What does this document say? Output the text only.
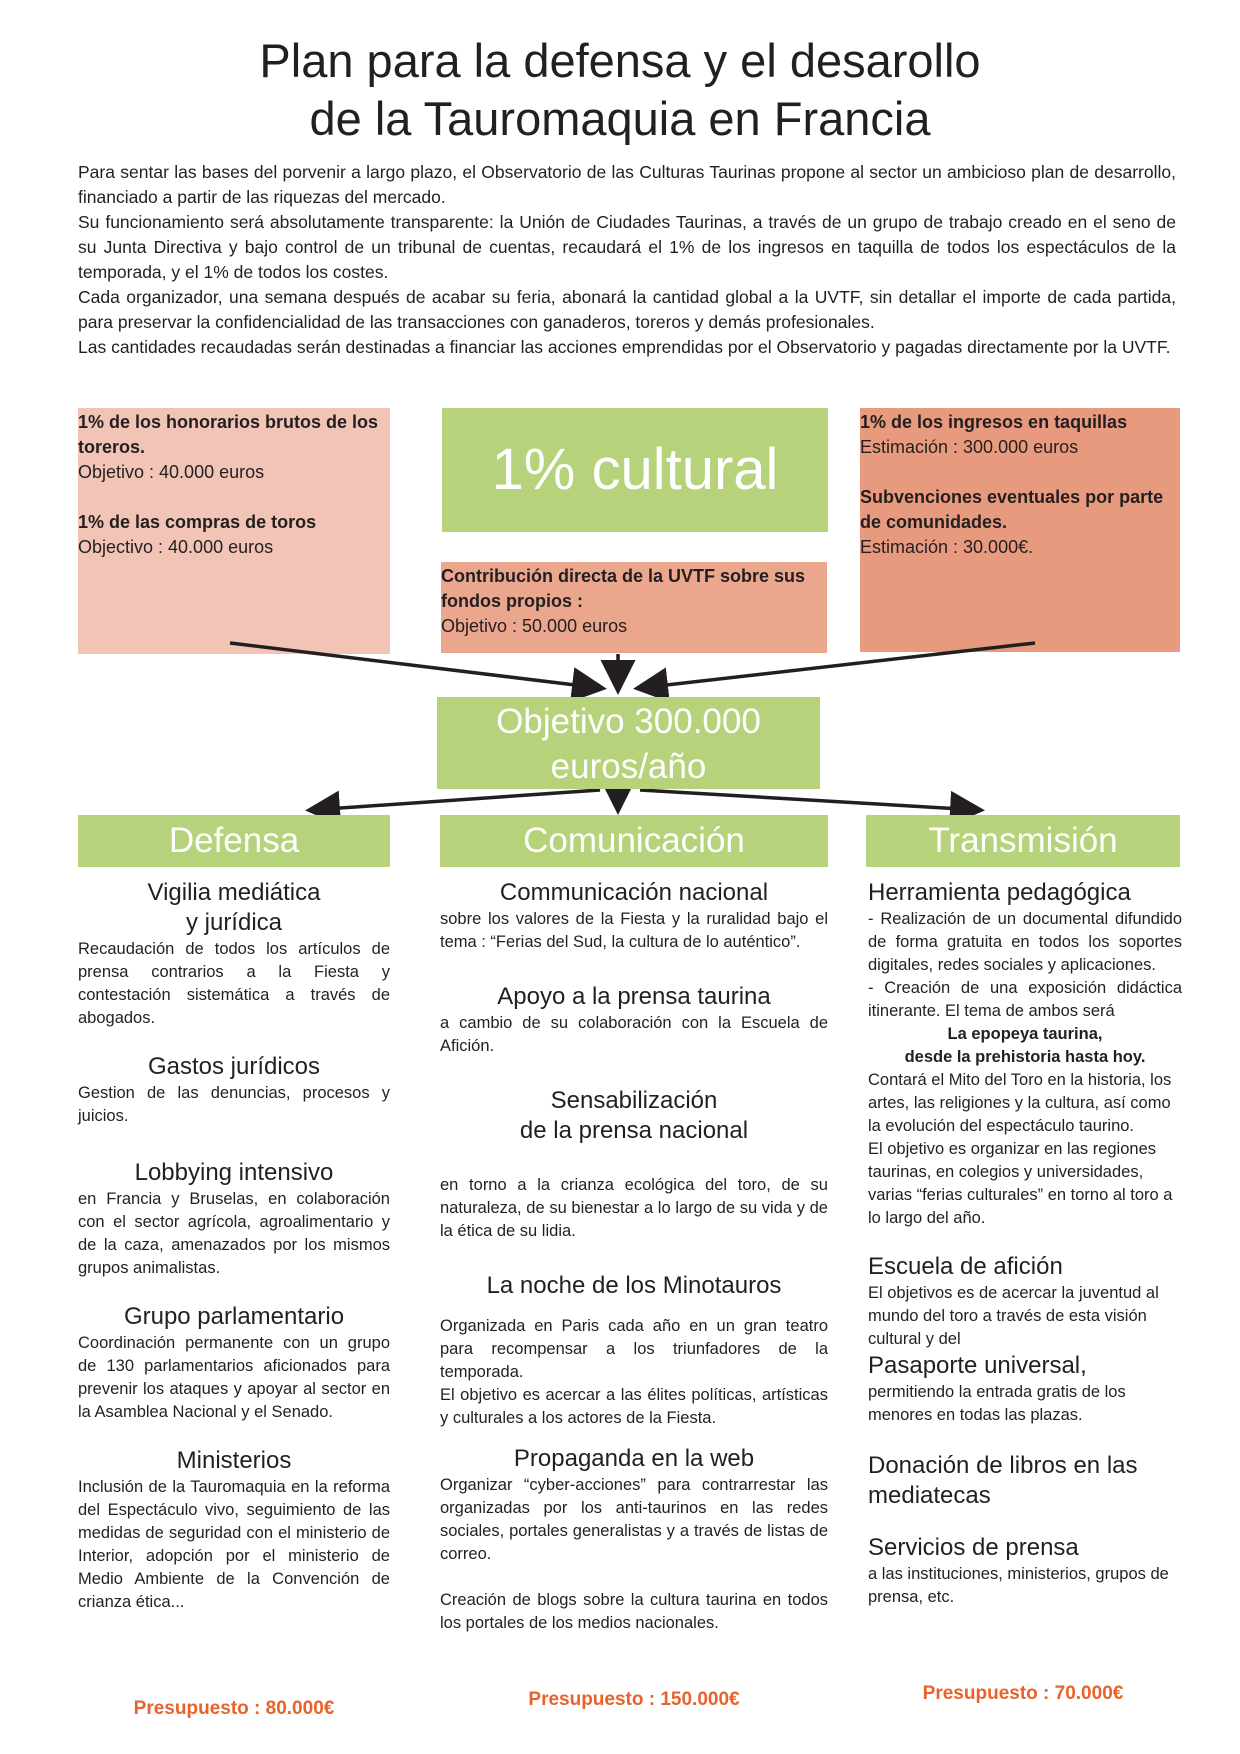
Plan para la defensa y el desarollo
de la Tauromaquia en Francia

Para sentar las bases del porvenir a largo plazo, el Observatorio de las Culturas Taurinas propone al sector un ambicioso plan de desarrollo, financiado a partir de las riquezas del mercado.

Su funcionamiento será absolutamente transparente: la Unión de Ciudades Taurinas, a través de un grupo de trabajo creado en el seno de su Junta Directiva y bajo control de un tribunal de cuentas, recaudará el 1% de los ingresos en taquilla de todos los espectáculos de la temporada, y el 1% de todos los costes.

Cada organizador, una semana después de acabar su feria, abonará la cantidad global a la UVTF, sin detallar el importe de cada partida, para preservar la confidencialidad de las transacciones con ganaderos, toreros y demás profesionales.

Las cantidades recaudadas serán destinadas a financiar las acciones emprendidas por el Observatorio y pagadas directamente por la UVTF.

1% de los honorarios brutos de los toreros.
Objetivo : 40.000 euros
1% de las compras de toros
Objectivo : 40.000 euros
1% cultural
Contribución directa de la UVTF sobre sus fondos propios :
Objetivo : 50.000 euros
1% de los ingresos en taquillas
Estimación : 300.000 euros
Subvenciones eventuales por parte de comunidades.
Estimación : 30.000€.
Objetivo 300.000
euros/año
Defensa	Comunicación	Transmisión
Vigilia mediática
y jurídica

Recaudación de todos los artículos de prensa contrarios a la Fiesta y contestación sistemática a través de abogados.

Gastos jurídicos

Gestion de las denuncias, procesos y juicios.

Lobbying intensivo

en Francia y Bruselas, en colaboración con el sector agrícola, agroalimentario y de la caza, amenazados por los mismos grupos animalistas.

Grupo parlamentario

Coordinación permanente con un grupo de 130 parlamentarios aficionados para prevenir los ataques y apoyar al sector en la Asamblea Nacional y el Senado.

Ministerios

Inclusión de la Tauromaquia en la reforma del Espectáculo vivo, seguimiento de las medidas de seguridad con el ministerio de Interior, adopción por el ministerio de Medio Ambiente de la Convención de crianza ética...

Presupuesto : 80.000€
Communicación nacional

sobre los valores de la Fiesta y la ruralidad bajo el tema : “Ferias del Sud, la cultura de lo auténtico”.

Apoyo a la prensa taurina

a cambio de su colaboración con la Escuela de Afición.

Sensabilización
de la prensa nacional

en torno a la crianza ecológica del toro, de su naturaleza, de su bienestar a lo largo de su vida y de la ética de su lidia.

La noche de los Minotauros

Organizada en Paris cada año en un gran teatro para recompensar a los triunfadores de la temporada.

El objetivo es acercar a las élites políticas, artísticas y culturales a los actores de la Fiesta.

Propaganda en la web

Organizar “cyber-acciones” para contrarrestar las organizadas por los anti-taurinos en las redes sociales, portales generalistas y a través de listas de correo.

Creación de blogs sobre la cultura taurina en todos los portales de los medios nacionales.

Presupuesto : 150.000€
Herramienta pedagógica

- Realización de un documental difundido de forma gratuita en todos los soportes digitales, redes sociales y aplicaciones.

- Creación de una exposición didáctica itinerante. El tema de ambos será

La epopeya taurina,
desde la prehistoria hasta hoy.

Contará el Mito del Toro en la historia, los artes, las religiones y la cultura, así como la evolución del espectáculo taurino.

El objetivo es organizar en las regiones taurinas, en colegios y universidades, varias “ferias culturales” en torno al toro a lo largo del año.

Escuela de afición

El objetivos es de acercar la juventud al mundo del toro a través de esta visión cultural y del

Pasaporte universal,

permitiendo la entrada gratis de los menores en todas las plazas.

Donación de libros en las mediatecas
Servicios de prensa

a las instituciones, ministerios, grupos de prensa, etc.

Presupuesto : 70.000€
